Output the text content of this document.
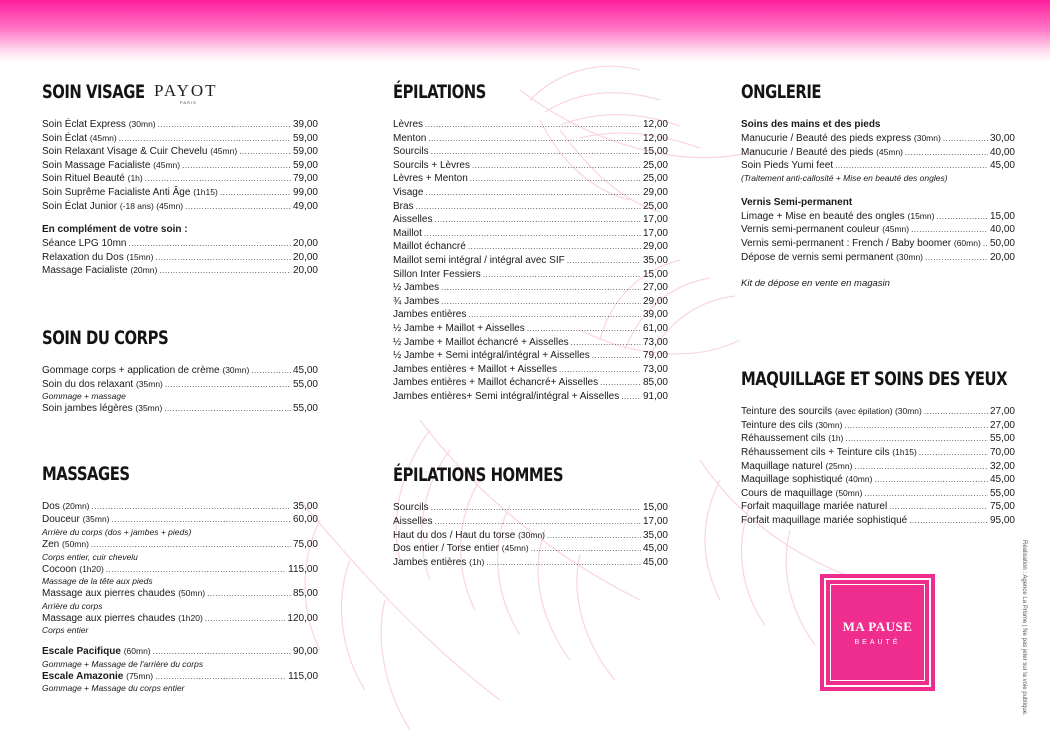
SOIN VISAGE PAYOT
PARIS
Soin Éclat Express (30mn) .....	39,00
Soin Éclat (45mn) .....	59,00
Soin Relaxant Visage & Cuir Chevelu (45mn) .....	59,00
Soin Massage Facialiste (45mn) .....	59,00
Soin Rituel Beauté (1h) .....	79,00
Soin Suprême Facialiste Anti Âge (1h15) .....	99,00
Soin Éclat Junior (-18 ans) (45mn) .....	49,00
En complément de votre soin :
Séance LPG 10mn .....	20,00
Relaxation du Dos (15mn) .....	20,00
Massage Facialiste (20mn) .....	20,00
SOIN DU CORPS
Gommage corps + application de crème (30mn) .....	45,00
Soin du dos relaxant (35mn) .....	55,00
Gommage + massage
Soin jambes légères (35mn) .....	55,00
MASSAGES
Dos (20mn) .....	35,00
Douceur (35mn) .....	60,00
Arrière du corps (dos + jambes + pieds)
Zen (50mn) .....	75,00
Corps entier, cuir chevelu
Cocoon (1h20) .....	115,00
Massage de la tête aux pieds
Massage aux pierres chaudes (50mn) .....	85,00
Arrière du corps
Massage aux pierres chaudes (1h20) .....	120,00
Corps entier
Escale Pacifique (60mn) .....	90,00
Gommage + Massage de l'arrière du corps
Escale Amazonie (75mn) .....	115,00
Gommage + Massage du corps entier
ÉPILATIONS
Lèvres .....	12,00
Menton .....	12,00
Sourcils .....	15,00
Sourcils + Lèvres .....	25,00
Lèvres + Menton .....	25,00
Visage .....	29,00
Bras .....	25,00
Aisselles .....	17,00
Maillot .....	17,00
Maillot échancré .....	29,00
Maillot semi intégral / intégral avec SIF .....	35,00
Sillon Inter Fessiers .....	15,00
½ Jambes .....	27,00
¾ Jambes .....	29,00
Jambes entières .....	39,00
½ Jambe + Maillot + Aisselles .....	61,00
½ Jambe + Maillot échancré + Aisselles .....	73,00
½ Jambe + Semi intégral/intégral + Aisselles .....	79,00
Jambes entières + Maillot + Aisselles .....	73,00
Jambes entières + Maillot échancré+ Aisselles .....	85,00
Jambes entières+ Semi intégral/intégral + Aisselles ..... 91,00
ÉPILATIONS HOMMES
Sourcils .....	15,00
Aisselles .....	17,00
Haut du dos / Haut du torse (30mn) .....	35,00
Dos entier / Torse entier (45mn) .....	45,00
Jambes entières (1h) .....	45,00
ONGLERIE
Soins des mains et des pieds
Manucurie / Beauté des pieds express (30mn) .....	30,00
Manucurie / Beauté des pieds (45mn) .....	40,00
Soin Pieds Yumi feet .....	45,00
(Traitement anti-callosité + Mise en beauté des ongles)
Vernis Semi-permanent
Limage + Mise en beauté des ongles (15mn) .....	15,00
Vernis semi-permanent couleur (45mn) .....	40,00
Vernis semi-permanent : French / Baby boomer (60mn) ..... 50,00
Dépose de vernis semi permanent (30mn) .....	20,00
Kit de dépose en vente en magasin
MAQUILLAGE ET SOINS DES YEUX
Teinture des sourcils (avec épilation) (30mn) .....	27,00
Teinture des cils (30mn) .....	27,00
Réhaussement cils (1h) .....	55,00
Réhaussement cils + Teinture cils (1h15) .....	70,00
Maquillage naturel (25mn) .....	32,00
Maquillage sophistiqué (40mn) .....	45,00
Cours de maquillage (50mn) .....	55,00
Forfait maquillage mariée naturel .....	75,00
Forfait maquillage mariée sophistiqué .....	95,00
MA PAUSE
BEAUTÉ	Réalisation : Agence La Prisme | Ne pas jeter sur la voie publique.
